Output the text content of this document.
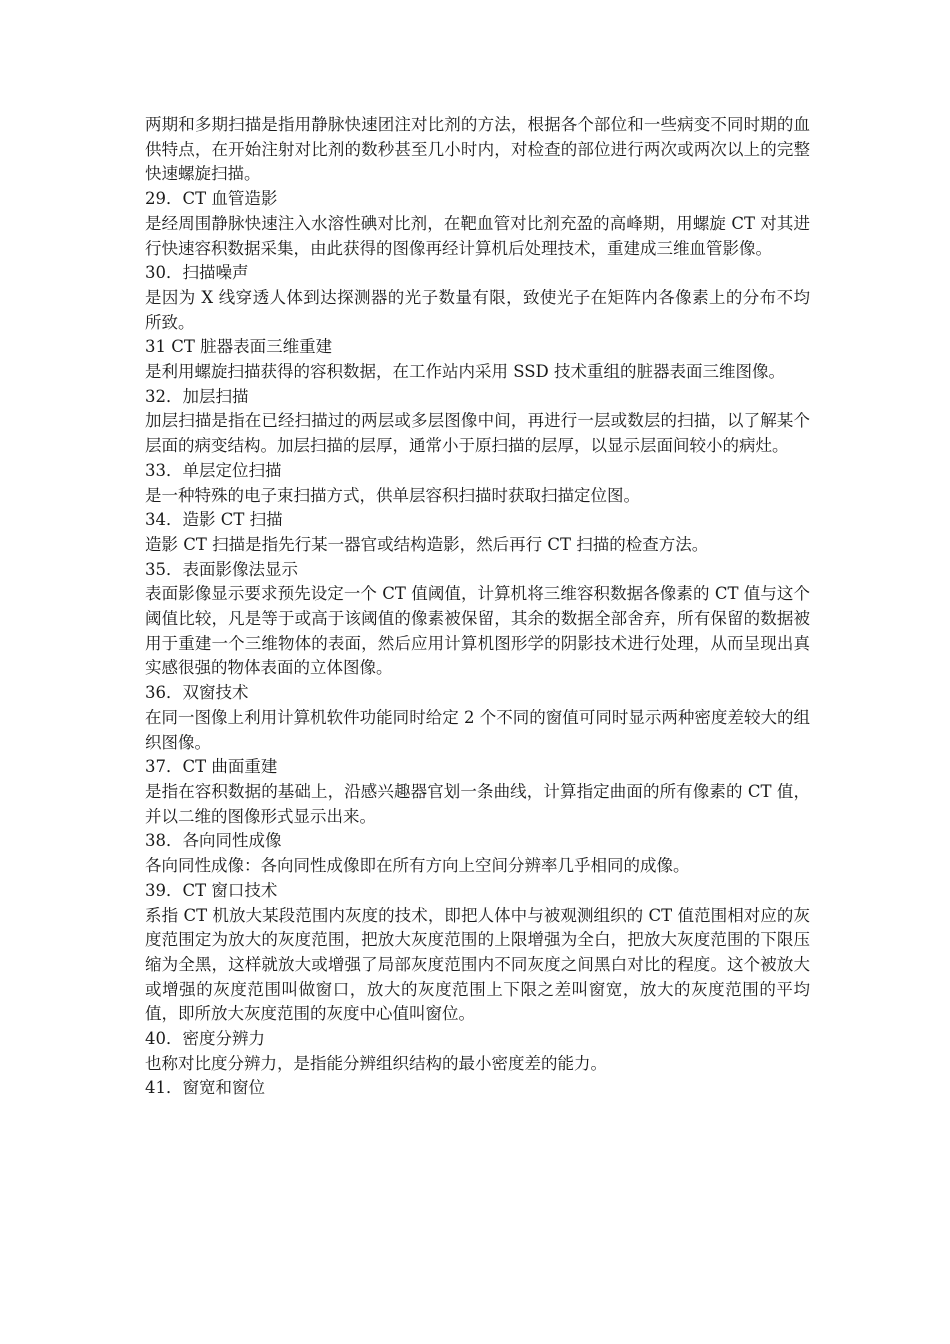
两期和多期扫描是指用静脉快速团注对比剂的方法，根据各个部位和一些病变不同时期的血供特点，在开始注射对比剂的数秒甚至几小时内，对检查的部位进行两次或两次以上的完整快速螺旋扫描。

29．CT 血管造影

是经周围静脉快速注入水溶性碘对比剂，在靶血管对比剂充盈的高峰期，用螺旋 CT 对其进行快速容积数据采集，由此获得的图像再经计算机后处理技术，重建成三维血管影像。

30．扫描噪声

是因为 X 线穿透人体到达探测器的光子数量有限，致使光子在矩阵内各像素上的分布不均所致。

31 CT 脏器表面三维重建

是利用螺旋扫描获得的容积数据，在工作站内采用 SSD 技术重组的脏器表面三维图像。

32．加层扫描

加层扫描是指在已经扫描过的两层或多层图像中间，再进行一层或数层的扫描，以了解某个层面的病变结构。加层扫描的层厚，通常小于原扫描的层厚，以显示层面间较小的病灶。

33．单层定位扫描

是一种特殊的电子束扫描方式，供单层容积扫描时获取扫描定位图。

34．造影 CT 扫描

造影 CT 扫描是指先行某一器官或结构造影，然后再行 CT 扫描的检查方法。

35．表面影像法显示

表面影像显示要求预先设定一个 CT 值阈值，计算机将三维容积数据各像素的 CT 值与这个阈值比较，凡是等于或高于该阈值的像素被保留，其余的数据全部舍弃，所有保留的数据被用于重建一个三维物体的表面，然后应用计算机图形学的阴影技术进行处理，从而呈现出真实感很强的物体表面的立体图像。

36．双窗技术

在同一图像上利用计算机软件功能同时给定 2 个不同的窗值可同时显示两种密度差较大的组织图像。

37．CT 曲面重建

是指在容积数据的基础上，沿感兴趣器官划一条曲线，计算指定曲面的所有像素的 CT 值，并以二维的图像形式显示出来。

38．各向同性成像

各向同性成像：各向同性成像即在所有方向上空间分辨率几乎相同的成像。

39．CT 窗口技术

系指 CT 机放大某段范围内灰度的技术，即把人体中与被观测组织的 CT 值范围相对应的灰度范围定为放大的灰度范围，把放大灰度范围的上限增强为全白，把放大灰度范围的下限压缩为全黑，这样就放大或增强了局部灰度范围内不同灰度之间黑白对比的程度。这个被放大或增强的灰度范围叫做窗口，放大的灰度范围上下限之差叫窗宽，放大的灰度范围的平均值，即所放大灰度范围的灰度中心值叫窗位。

40．密度分辨力

也称对比度分辨力，是指能分辨组织结构的最小密度差的能力。

41．窗宽和窗位
